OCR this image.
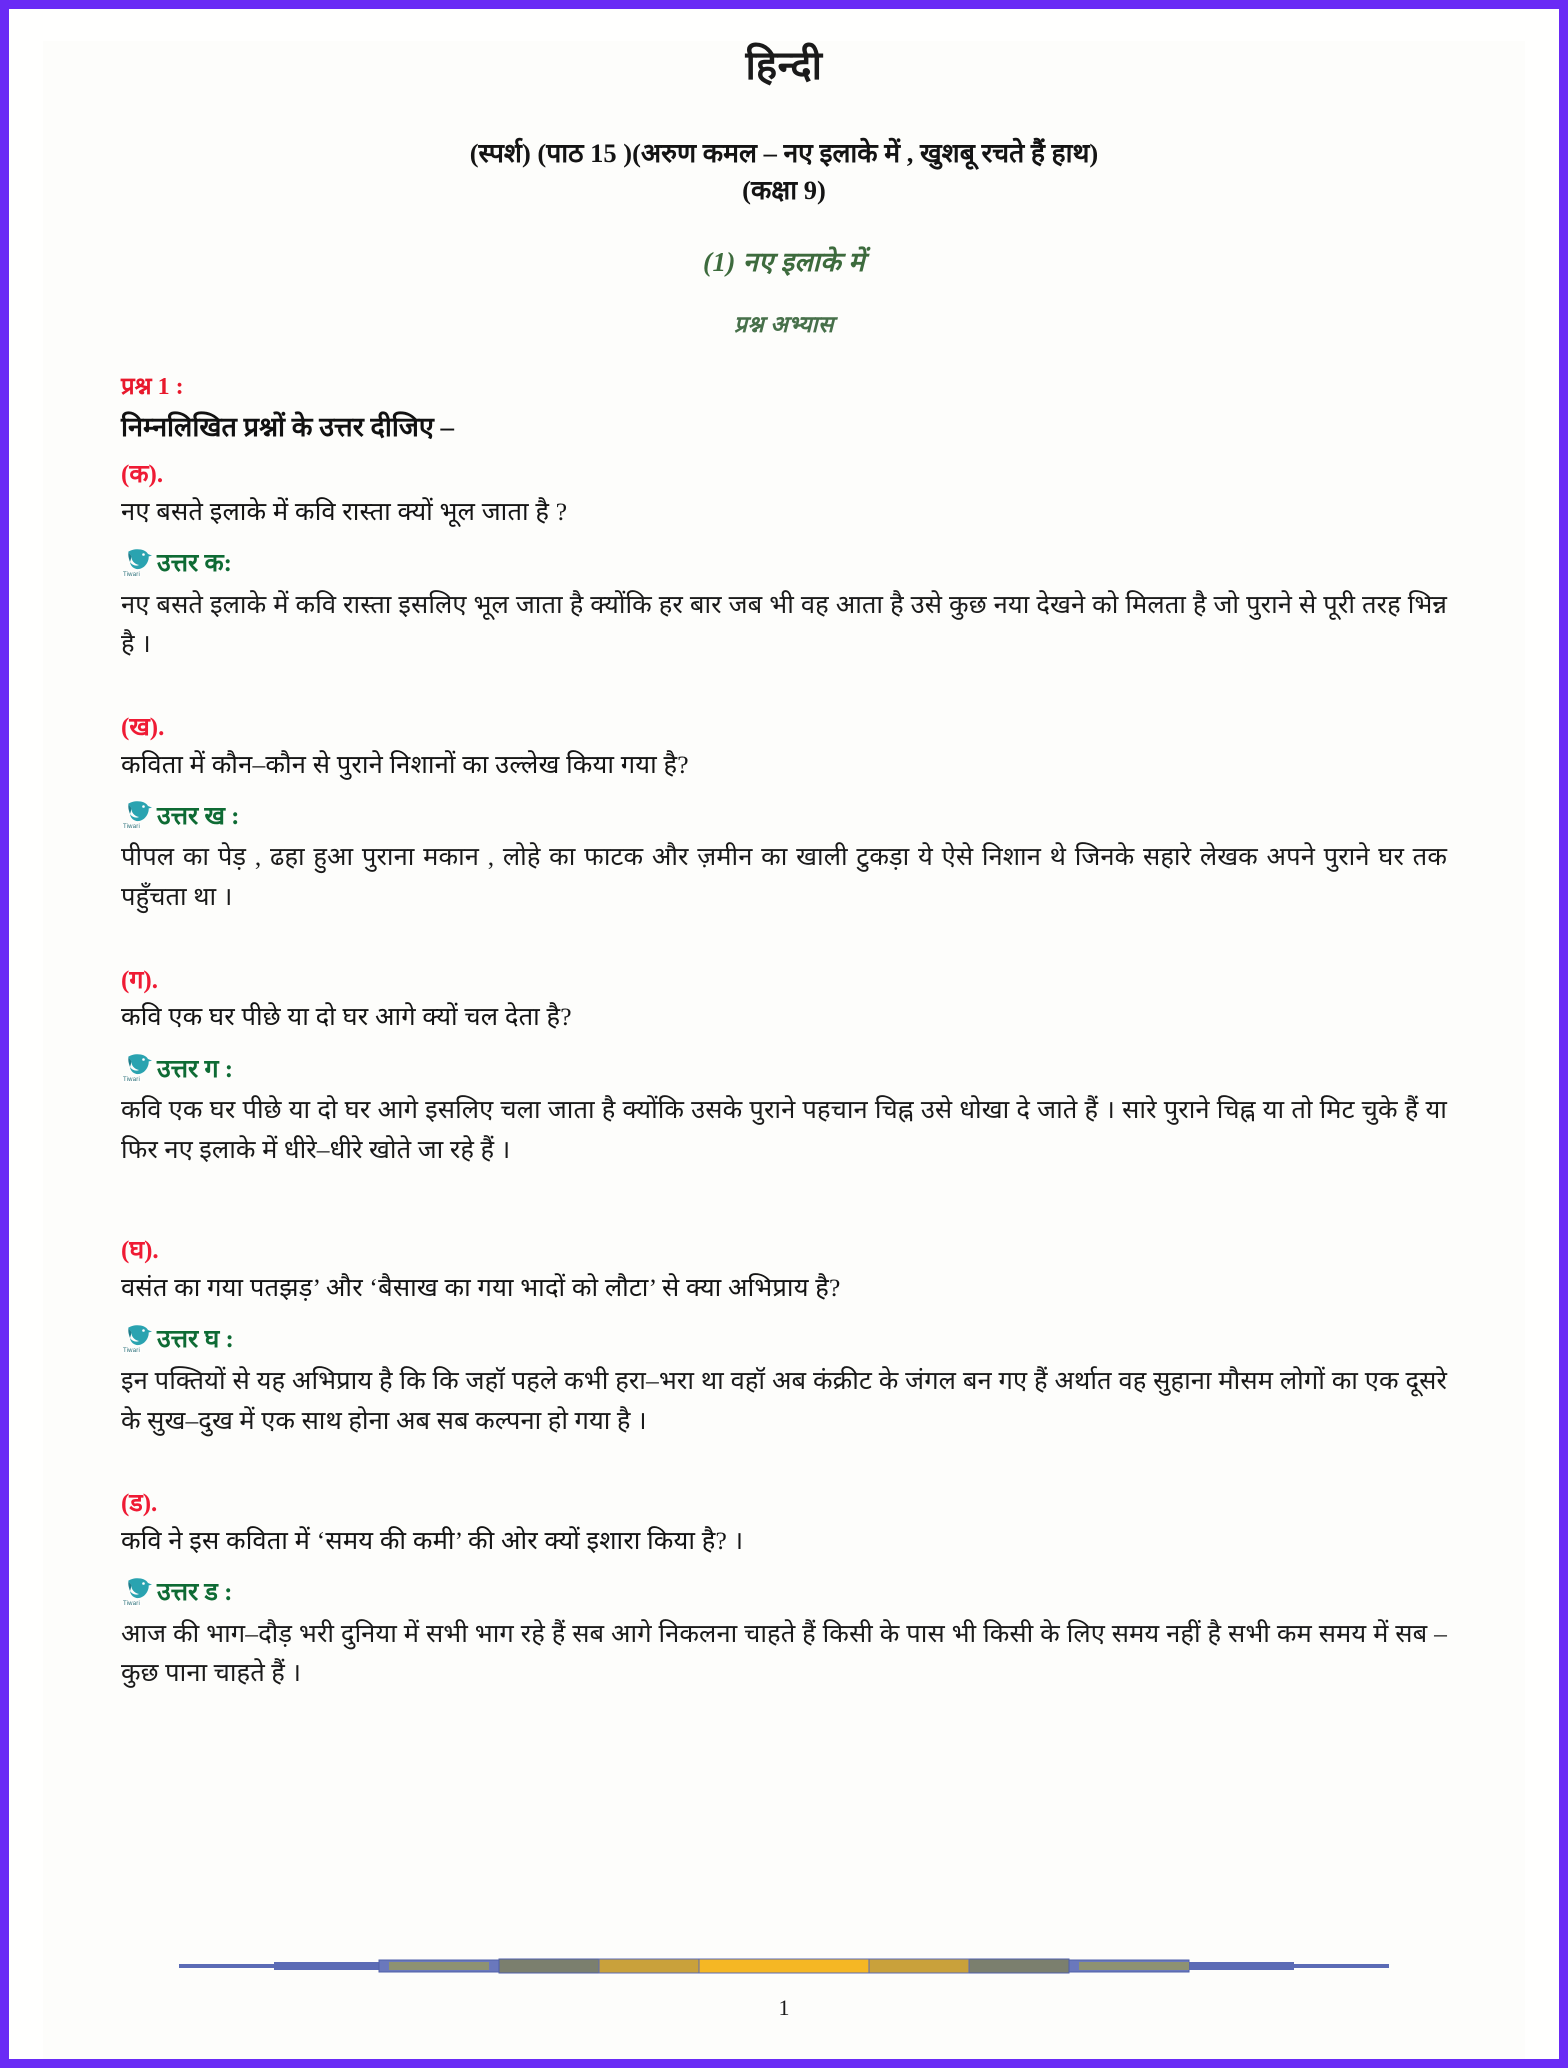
हिन्दी
(स्पर्श) (पाठ 15 )(अरुण कमल – नए इलाके में , खुशबू रचते हैं हाथ)
(कक्षा 9)
(1) नए इलाके में
प्रश्न अभ्यास
प्रश्न 1 :
निम्नलिखित प्रश्नों के उत्तर दीजिए –
(क).
नए बसते इलाके में कवि रास्ता क्यों भूल जाता है ?
Tiwari उत्तर क:
नए बसते इलाके में कवि रास्ता इसलिए भूल जाता है क्योंकि हर बार जब भी वह आता है उसे कुछ नया देखने को मिलता है जो पुराने से पूरी तरह भिन्न है ।
(ख).
कविता में कौन–कौन से पुराने निशानों का उल्लेख किया गया है?
Tiwari उत्तर ख :
पीपल का पेड़ , ढहा हुआ पुराना मकान , लोहे का फाटक और ज़मीन का खाली टुकड़ा ये ऐसे निशान थे जिनके सहारे लेखक अपने पुराने घर तक पहुँचता था ।
(ग).
कवि एक घर पीछे या दो घर आगे क्यों चल देता है?
Tiwari उत्तर ग :
कवि एक घर पीछे या दो घर आगे इसलिए चला जाता है क्योंकि उसके पुराने पहचान चिह्न उसे धोखा दे जाते हैं । सारे पुराने चिह्न या तो मिट चुके हैं या फिर नए इलाके में धीरे–धीरे खोते जा रहे हैं ।
(घ).
वसंत का गया पतझड़’ और ‘बैसाख का गया भादों को लौटा’ से क्या अभिप्राय है?
Tiwari उत्तर घ :
इन पक्तियों से यह अभिप्राय है कि कि जहॉ पहले कभी हरा–भरा था वहॉ अब कंक्रीट के जंगल बन गए हैं अर्थात वह सुहाना मौसम लोगों का एक दूसरे के सुख–दुख में एक साथ होना अब सब कल्पना हो गया है ।
(ड).
कवि ने इस कविता में ‘समय की कमी’ की ओर क्यों इशारा किया है? ।
Tiwari उत्तर ड :
आज की भाग–दौड़ भरी दुनिया में सभी भाग रहे हैं सब आगे निकलना चाहते हैं किसी के पास भी किसी के लिए समय नहीं है सभी कम समय में सब –कुछ पाना चाहते हैं ।
1
